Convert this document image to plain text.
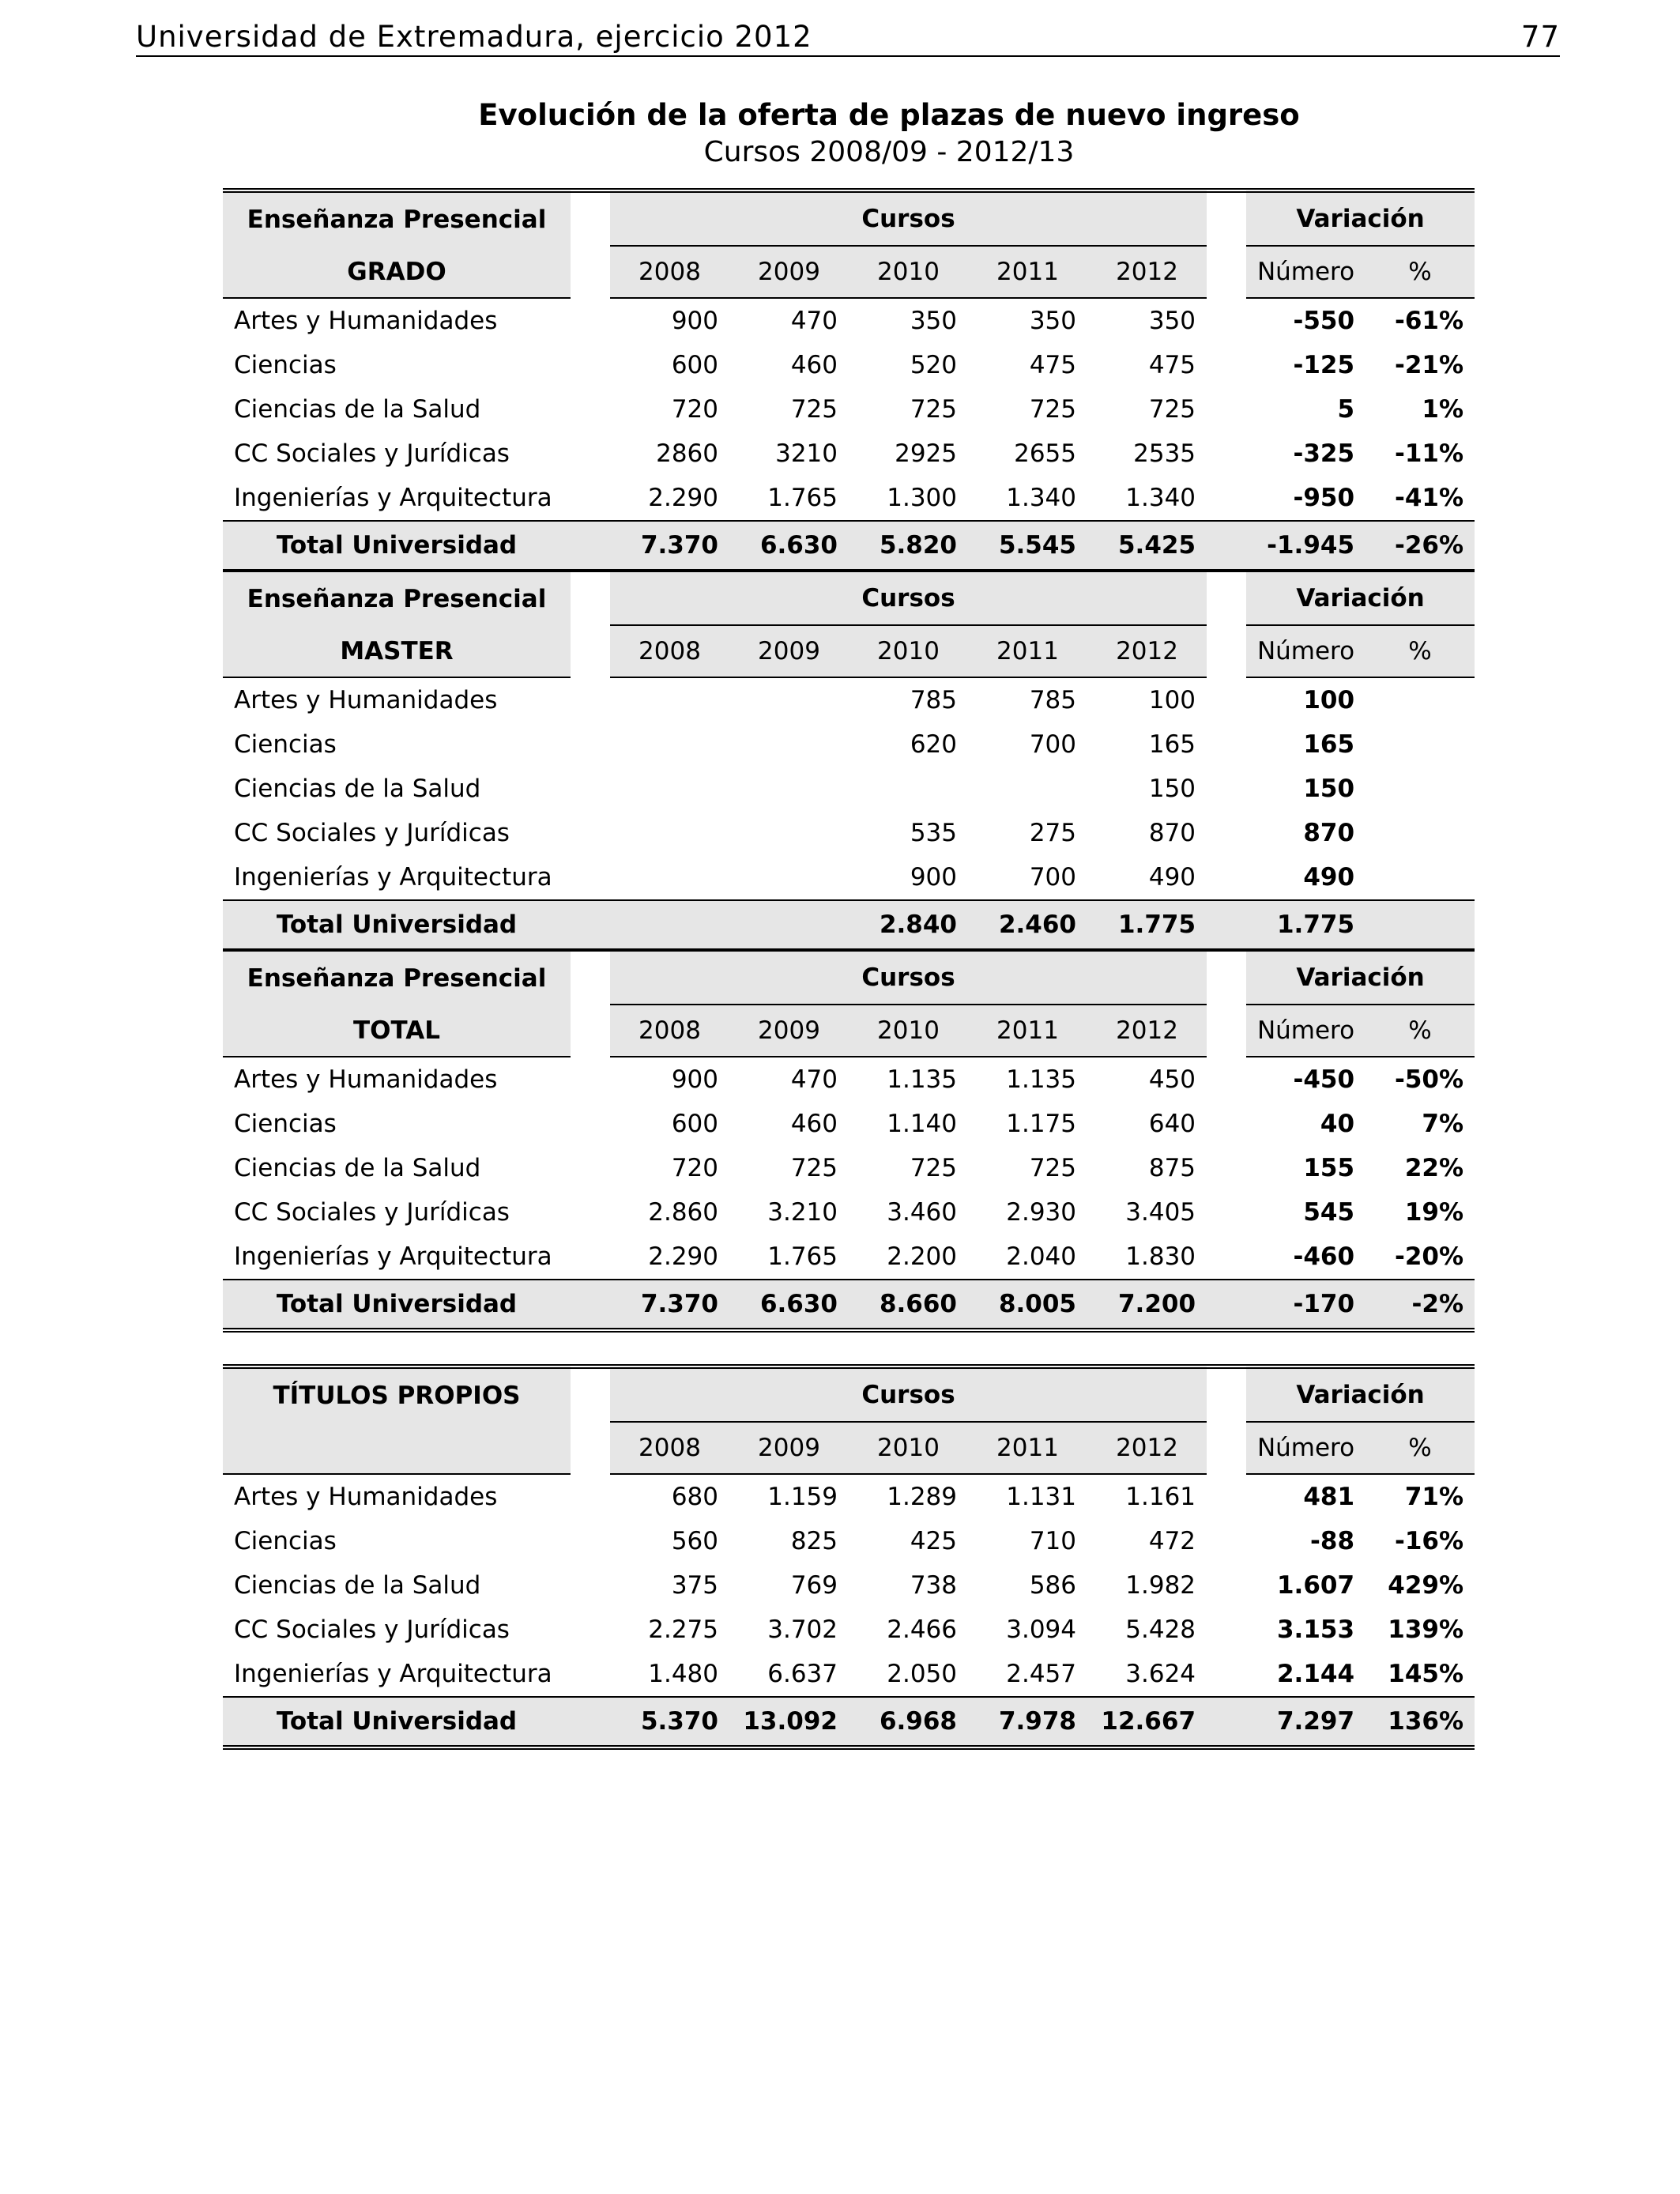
Universidad de Extremadura, ejercicio 2012	77
Evolución de la oferta de plazas de nuevo ingreso
Cursos 2008/09 - 2012/13
Enseñanza Presencial		Cursos						Variación	
GRADO		2008	2009	2010	2011	2012		Número	%
Artes y Humanidades		900	470	350	350	350		-550	-61%
Ciencias		600	460	520	475	475		-125	-21%
Ciencias de la Salud		720	725	725	725	725		5	1%
CC Sociales y Jurídicas		2860	3210	2925	2655	2535		-325	-11%
Ingenierías y Arquitectura		2.290	1.765	1.300	1.340	1.340		-950	-41%
Total Universidad		7.370	6.630	5.820	5.545	5.425		-1.945	-26%
Enseñanza Presencial		Cursos						Variación	
MASTER		2008	2009	2010	2011	2012		Número	%
Artes y Humanidades				785	785	100		100	
Ciencias				620	700	165		165	
Ciencias de la Salud						150		150	
CC Sociales y Jurídicas				535	275	870		870	
Ingenierías y Arquitectura				900	700	490		490	
Total Universidad				2.840	2.460	1.775		1.775	
Enseñanza Presencial		Cursos						Variación	
TOTAL		2008	2009	2010	2011	2012		Número	%
Artes y Humanidades		900	470	1.135	1.135	450		-450	-50%
Ciencias		600	460	1.140	1.175	640		40	7%
Ciencias de la Salud		720	725	725	725	875		155	22%
CC Sociales y Jurídicas		2.860	3.210	3.460	2.930	3.405		545	19%
Ingenierías y Arquitectura		2.290	1.765	2.200	2.040	1.830		-460	-20%
Total Universidad		7.370	6.630	8.660	8.005	7.200		-170	-2%
TÍTULOS PROPIOS		Cursos						Variación	
		2008	2009	2010	2011	2012		Número	%
Artes y Humanidades		680	1.159	1.289	1.131	1.161		481	71%
Ciencias		560	825	425	710	472		-88	-16%
Ciencias de la Salud		375	769	738	586	1.982		1.607	429%
CC Sociales y Jurídicas		2.275	3.702	2.466	3.094	5.428		3.153	139%
Ingenierías y Arquitectura		1.480	6.637	2.050	2.457	3.624		2.144	145%
Total Universidad		5.370	13.092	6.968	7.978	12.667		7.297	136%
